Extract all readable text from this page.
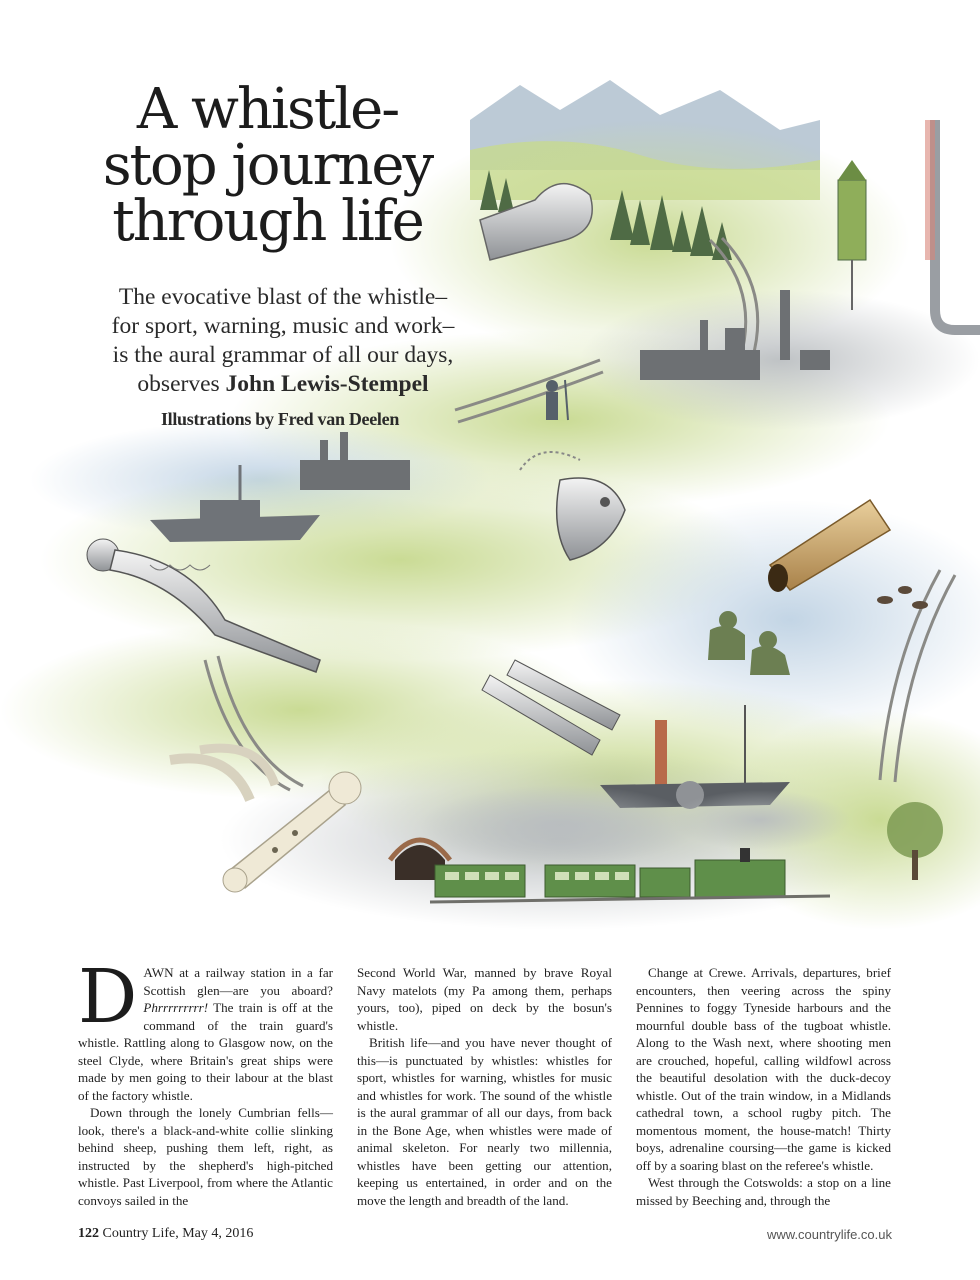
A whistle-
stop journey
through life
The evocative blast of the whistle–
for sport, warning, music and work–
is the aural grammar of all our days,
observes John Lewis-Stempel
Illustrations by Fred van Deelen

DAWN at a railway station in a far Scottish glen—are you aboard? Phrrrrrrrrr! The train is off at the command of the train guard's whistle. Rattling along to Glasgow now, on the steel Clyde, where Britain's great ships were made by men going to their labour at the blast of the factory whistle.

Down through the lonely Cumbrian fells—look, there's a black-and-white collie slinking behind sheep, pushing them left, right, as instructed by the shepherd's high-pitched whistle. Past Liverpool, from where the Atlantic convoys sailed in the

Second World War, manned by brave Royal Navy matelots (my Pa among them, perhaps yours, too), piped on deck by the bosun's whistle.

British life—and you have never thought of this—is punctuated by whistles: whistles for sport, whistles for warning, whistles for music and whistles for work. The sound of the whistle is the aural grammar of all our days, from back in the Bone Age, when whistles were made of animal skeleton. For nearly two millennia, whistles have been getting our attention, keeping us entertained, in order and on the move the length and breadth of the land.

Change at Crewe. Arrivals, departures, brief encounters, then veering across the spiny Pennines to foggy Tyneside harbours and the mournful double bass of the tugboat whistle. Along to the Wash next, where shooting men are crouched, hopeful, calling wildfowl across the beautiful desolation with the duck-decoy whistle. Out of the train window, in a Midlands cathedral town, a school rugby pitch. The momentous moment, the house-match! Thirty boys, adrenaline coursing—the game is kicked off by a soaring blast on the referee's whistle.

West through the Cotswolds: a stop on a line missed by Beeching and, through the

122 Country Life, May 4, 2016	www.countrylife.co.uk
